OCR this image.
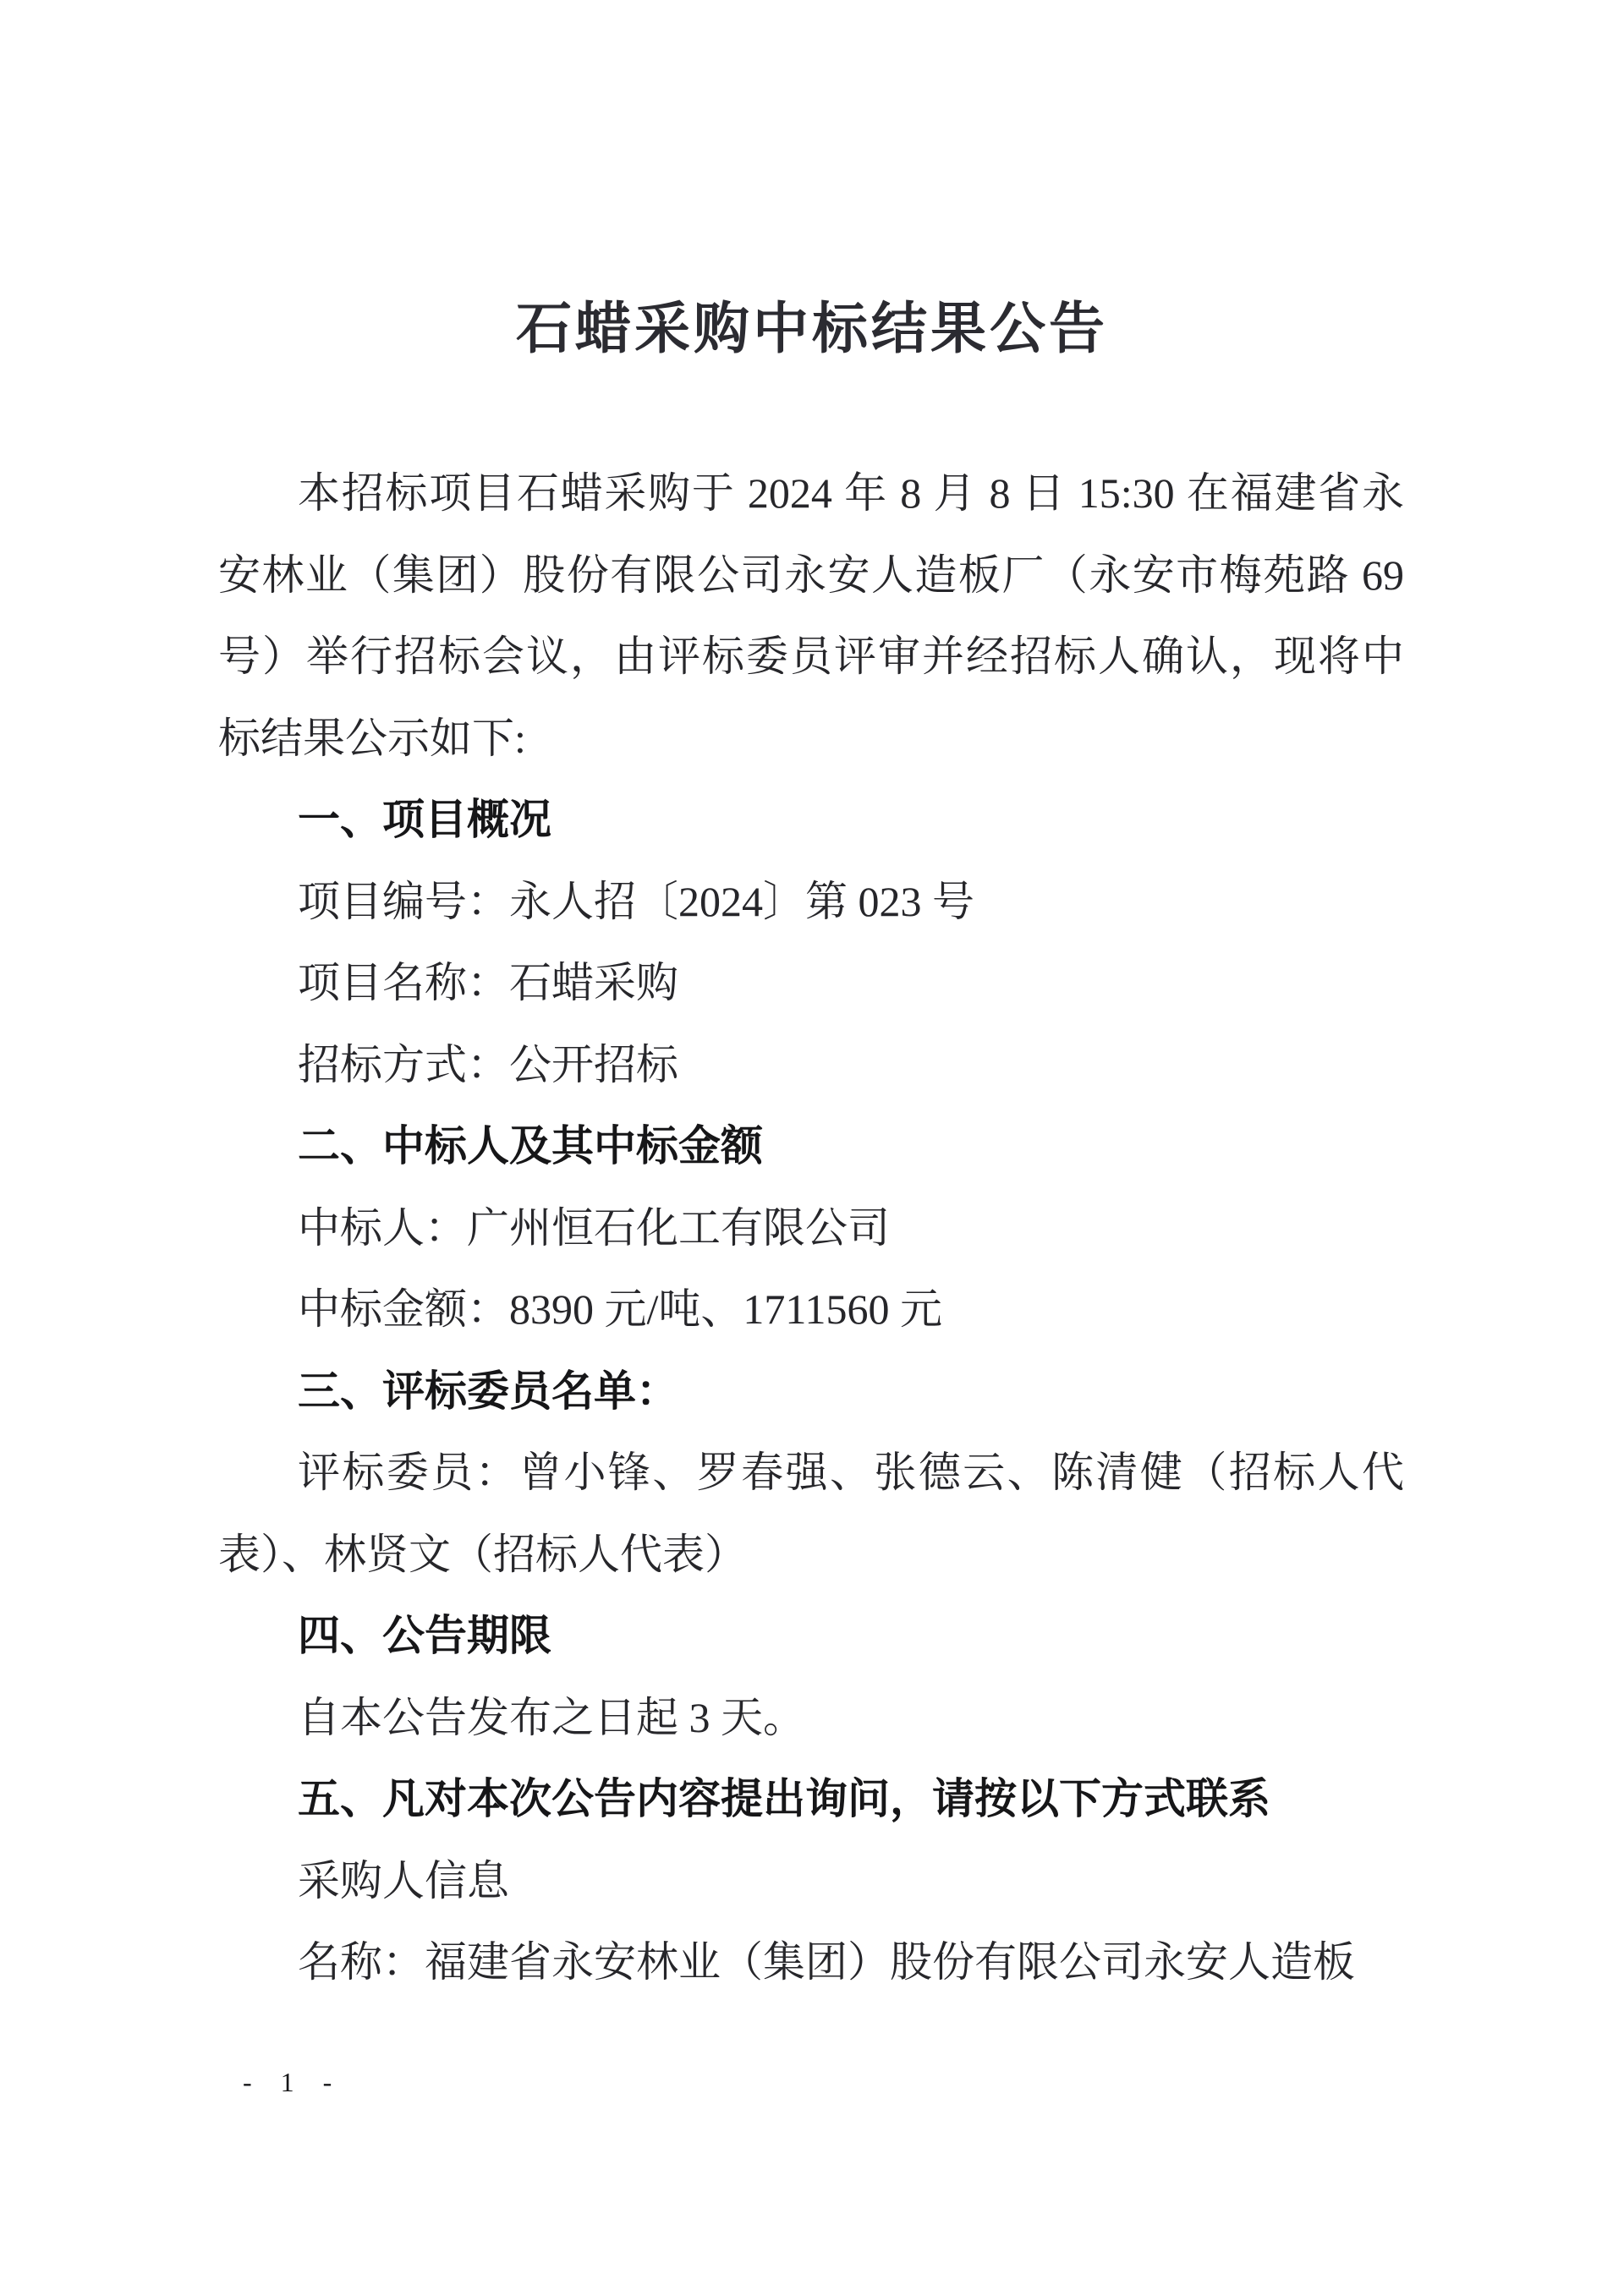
石蜡采购中标结果公告
本招标项目石蜡采购于 2024 年 8 月 8 日 15:30 在福建省永
安林业（集团）股份有限公司永安人造板厂（永安市梅苑路 69
号）举行招标会议，由评标委员评审并经招标人确认，现将中
标结果公示如下:
一、项目概况
项目编号：永人招〔2024〕第 023 号
项目名称：石蜡采购
招标方式：公开招标
二、中标人及其中标金额
中标人：广州恒石化工有限公司
中标金额：8390 元/吨、1711560 元
三、评标委员名单：
评标委员：曾小锋、罗春强、张德云、陈清健（招标人代
表）、林贤文（招标人代表）
四、公告期限
自本公告发布之日起 3 天。
五、凡对本次公告内容提出询问，请按以下方式联系
采购人信息
名称：福建省永安林业（集团）股份有限公司永安人造板
- 1 -
